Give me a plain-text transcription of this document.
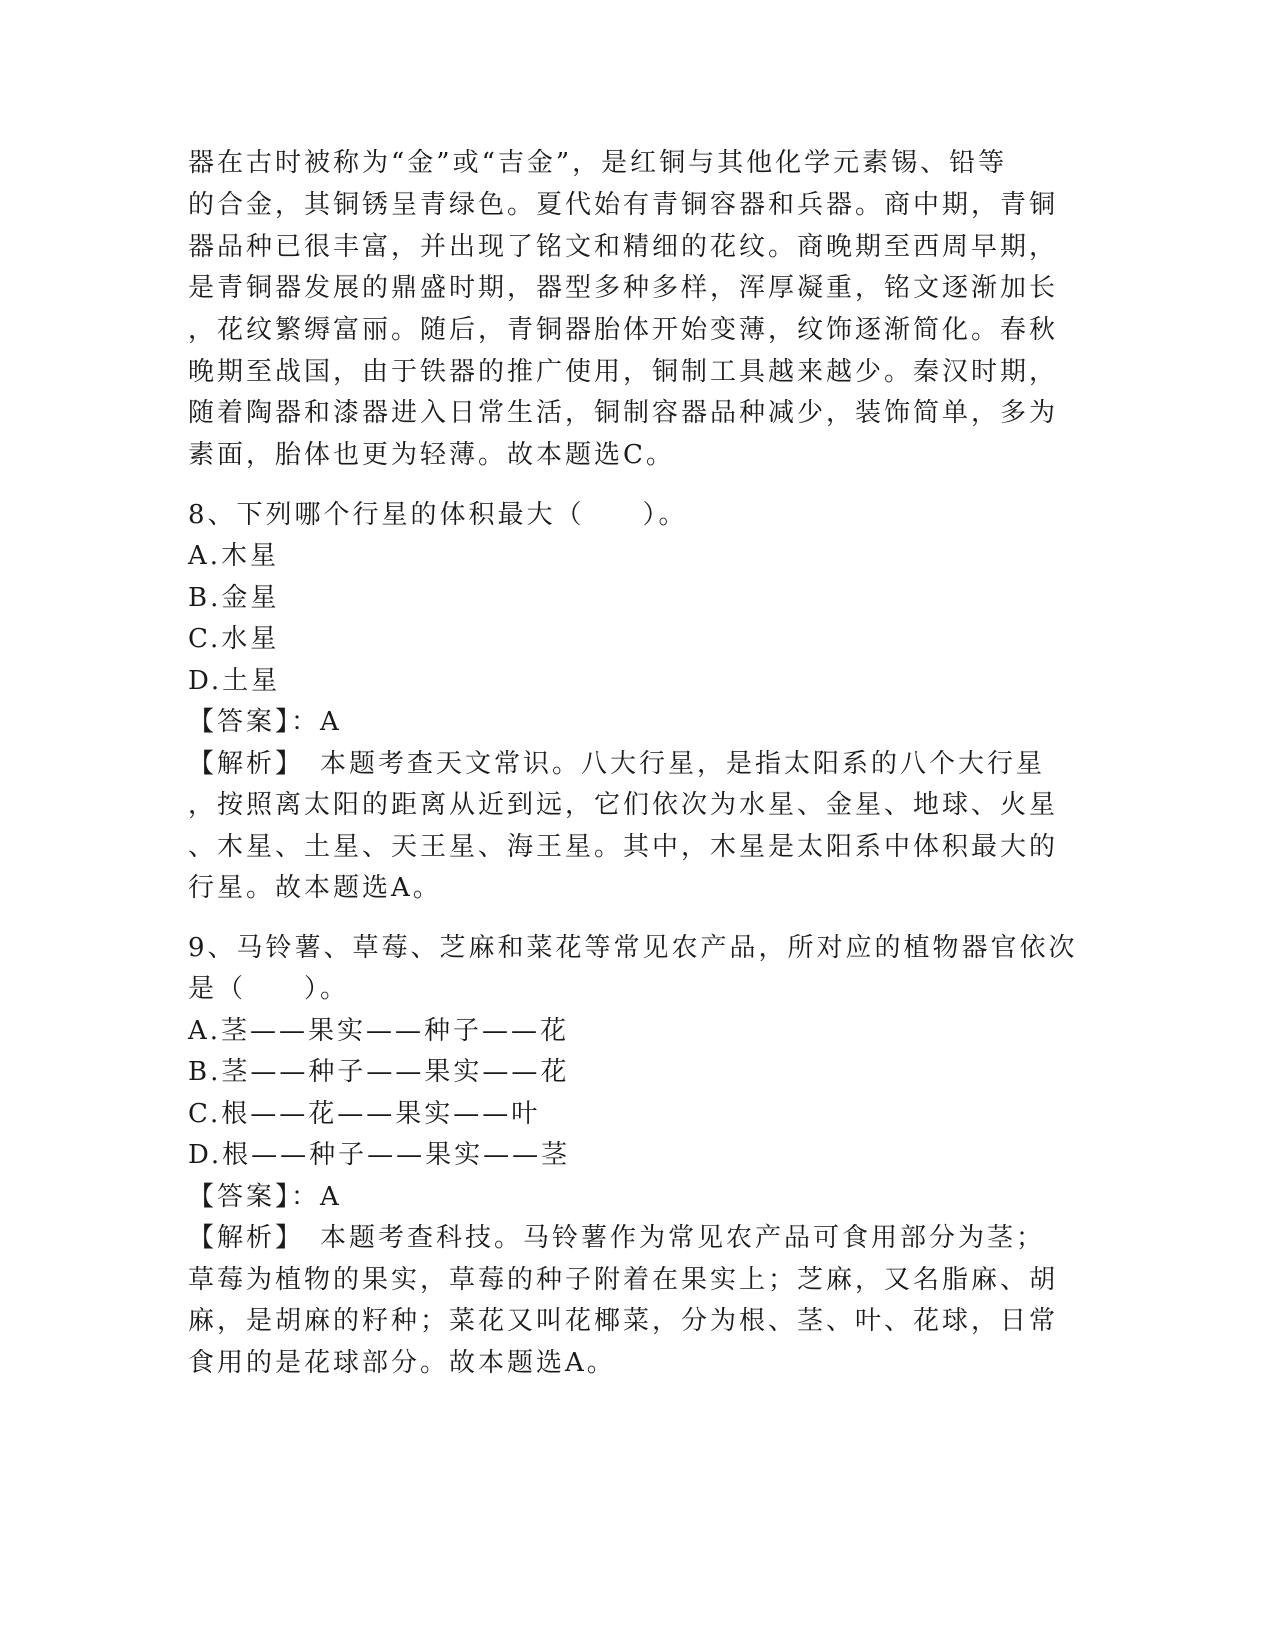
器在古时被称为“金”或“吉金”，是红铜与其他化学元素锡、铅等
的合金，其铜锈呈青绿色。夏代始有青铜容器和兵器。商中期，青铜
器品种已很丰富，并出现了铭文和精细的花纹。商晚期至西周早期，
是青铜器发展的鼎盛时期，器型多种多样，浑厚凝重，铭文逐渐加长
，花纹繁缛富丽。随后，青铜器胎体开始变薄，纹饰逐渐简化。春秋
晚期至战国，由于铁器的推广使用，铜制工具越来越少。秦汉时期，
随着陶器和漆器进入日常生活，铜制容器品种减少，装饰简单，多为
素面，胎体也更为轻薄。故本题选C。
8、下列哪个行星的体积最大（　　）。
A.木星
B.金星
C.水星
D.土星
【答案】：A
【解析】　本题考查天文常识。八大行星，是指太阳系的八个大行星
，按照离太阳的距离从近到远，它们依次为水星、金星、地球、火星
、木星、土星、天王星、海王星。其中，木星是太阳系中体积最大的
行星。故本题选A。
9、马铃薯、草莓、芝麻和菜花等常见农产品，所对应的植物器官依次
是（　　）。
A.茎——果实——种子——花
B.茎——种子——果实——花
C.根——花——果实——叶
D.根——种子——果实——茎
【答案】：A
【解析】　本题考查科技。马铃薯作为常见农产品可食用部分为茎；
草莓为植物的果实，草莓的种子附着在果实上；芝麻，又名脂麻、胡
麻，是胡麻的籽种；菜花又叫花椰菜，分为根、茎、叶、花球，日常
食用的是花球部分。故本题选A。
